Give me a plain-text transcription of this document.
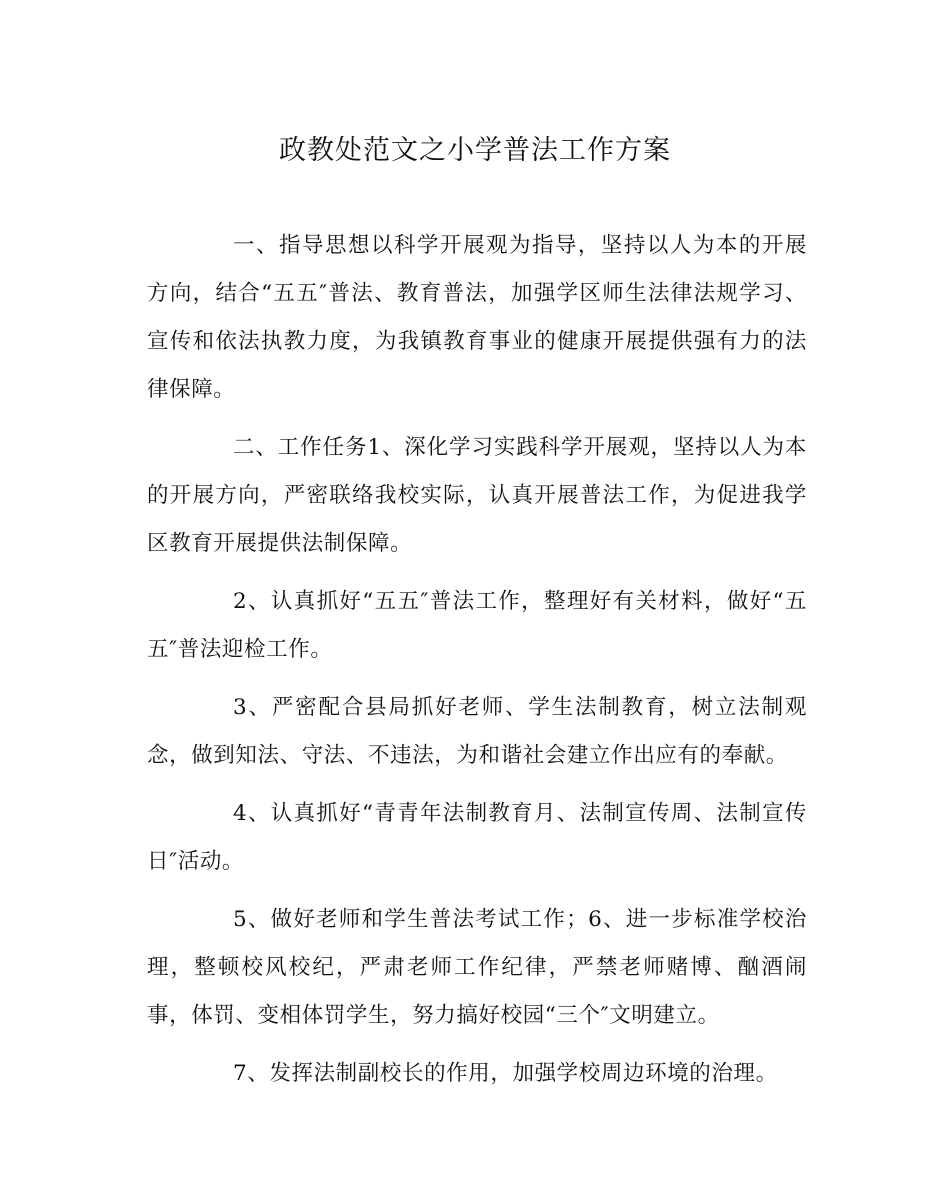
政教处范文之小学普法工作方案

一、指导思想以科学开展观为指导，坚持以人为本的开展方向，结合“五五″普法、教育普法，加强学区师生法律法规学习、宣传和依法执教力度，为我镇教育事业的健康开展提供强有力的法律保障。

二、工作任务1、深化学习实践科学开展观，坚持以人为本的开展方向，严密联络我校实际，认真开展普法工作，为促进我学区教育开展提供法制保障。

2、认真抓好“五五″普法工作，整理好有关材料，做好“五五″普法迎检工作。

3、严密配合县局抓好老师、学生法制教育，树立法制观念，做到知法、守法、不违法，为和谐社会建立作出应有的奉献。

4、认真抓好“青青年法制教育月、法制宣传周、法制宣传日″活动。

5、做好老师和学生普法考试工作；6、进一步标准学校治理，整顿校风校纪，严肃老师工作纪律，严禁老师赌博、酗酒闹事，体罚、变相体罚学生，努力搞好校园“三个″文明建立。

7、发挥法制副校长的作用，加强学校周边环境的治理。
